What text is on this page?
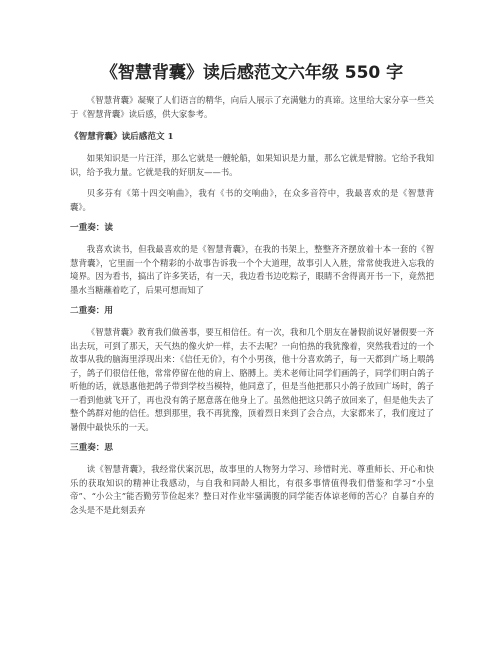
《智慧背囊》读后感范文六年级 550 字

《智慧背囊》凝聚了人们语言的精华，向后人展示了充满魅力的真谛。这里给大家分享一些关于《智慧背囊》读后感，供大家参考。

《智慧背囊》读后感范文 1

如果知识是一片汪洋，那么它就是一艘轮船，如果知识是力量，那么它就是臂膀。它给予我知识，给予我力量。它就是我的好朋友——书。

贝多芬有《第十四交响曲》，我有《书的交响曲》，在众多音符中，我最喜欢的是《智慧背囊》。

一重奏：读

我喜欢读书，但我最喜欢的是《智慧背囊》，在我的书架上，整整齐齐摆放着十本一套的《智慧背囊》，它里面一个个精彩的小故事告诉我一个个大道理，故事引人入胜，常常使我进入忘我的境界。因为看书，搞出了许多笑话，有一天，我边看书边吃粽子，眼睛不舍得离开书一下，竟然把墨水当糖蘸着吃了，后果可想而知了

二重奏：用

《智慧背囊》教育我们做善事，要互相信任。有一次，我和几个朋友在暑假前说好暑假要一齐出去玩，可到了那天，天气热的像火炉一样，去不去呢？一向怕热的我犹豫着，突然我看过的一个故事从我的脑海里浮现出来：《信任无价》，有个小男孩，他十分喜欢鸽子，每一天都到广场上喂鸽子，鸽子们很信任他，常常停留在他的肩上、胳膊上。美术老师让同学们画鸽子，同学们明白鸽子听他的话，就恳惠他把鸽子带到学校当模特，他同意了，但是当他把那只小鸽子放回广场时，鸽子一看到他就飞开了，再也没有鸽子愿意落在他身上了。虽然他把这只鸽子放回来了，但是他失去了整个鸽群对他的信任。想到那里，我不再犹豫，顶着烈日来到了会合点，大家都来了，我们度过了暑假中最快乐的一天。

三重奏：思

读《智慧背囊》，我经常伏案沉思，故事里的人物努力学习、珍惜时光、尊重师长、开心和快乐的获取知识的精神让我感动，与自我和同龄人相比，有很多事情值得我们借鉴和学习“小皇帝”、“小公主”能否勤劳节俭起来？整日对作业牢骚满腹的同学能否体谅老师的苦心？自暴自弃的念头是不是此刻丢弃
